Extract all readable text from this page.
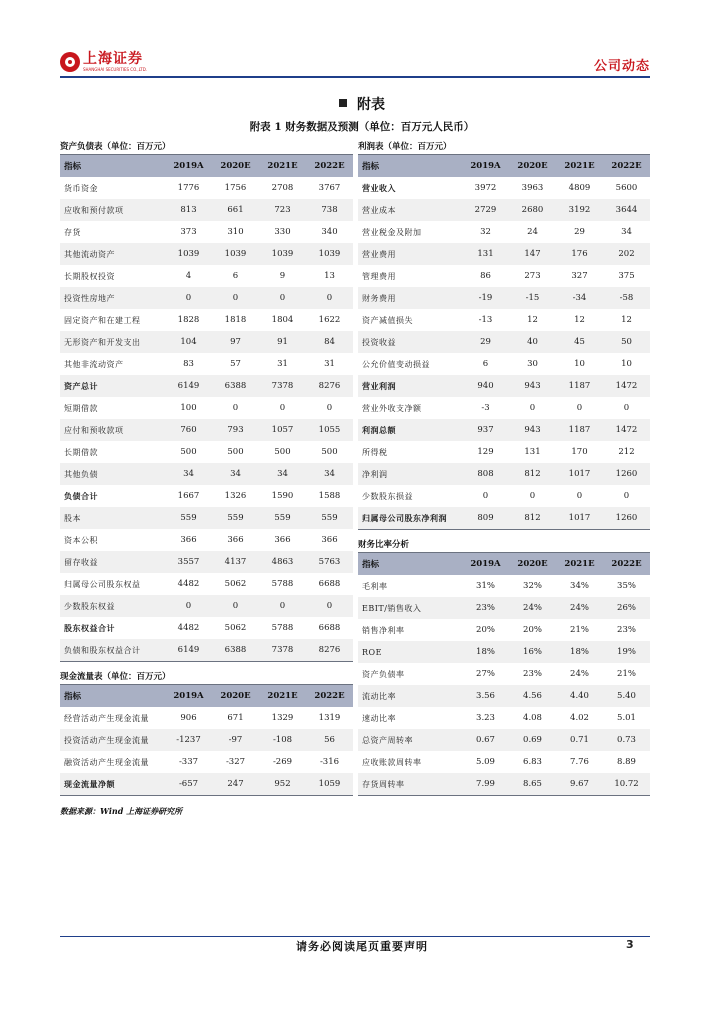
上海证券
SHANGHAI SECURITIES CO.,LTD.	公司动态
附表
附表 1 财务数据及预测（单位：百万元人民币）
资产负债表（单位：百万元）
指标	2019A	2020E	2021E	2022E
货币资金	1776	1756	2708	3767
应收和预付款项	813	661	723	738
存货	373	310	330	340
其他流动资产	1039	1039	1039	1039
长期股权投资	4	6	9	13
投资性房地产	0	0	0	0
固定资产和在建工程	1828	1818	1804	1622
无形资产和开发支出	104	97	91	84
其他非流动资产	83	57	31	31
资产总计	6149	6388	7378	8276
短期借款	100	0	0	0
应付和预收款项	760	793	1057	1055
长期借款	500	500	500	500
其他负债	34	34	34	34
负债合计	1667	1326	1590	1588
股本	559	559	559	559
资本公积	366	366	366	366
留存收益	3557	4137	4863	5763
归属母公司股东权益	4482	5062	5788	6688
少数股东权益	0	0	0	0
股东权益合计	4482	5062	5788	6688
负债和股东权益合计	6149	6388	7378	8276
现金流量表（单位：百万元）
指标	2019A	2020E	2021E	2022E
经营活动产生现金流量	906	671	1329	1319
投资活动产生现金流量	-1237	-97	-108	56
融资活动产生现金流量	-337	-327	-269	-316
现金流量净额	-657	247	952	1059
利润表（单位：百万元）
指标	2019A	2020E	2021E	2022E
营业收入	3972	3963	4809	5600
营业成本	2729	2680	3192	3644
营业税金及附加	32	24	29	34
营业费用	131	147	176	202
管理费用	86	273	327	375
财务费用	-19	-15	-34	-58
资产减值损失	-13	12	12	12
投资收益	29	40	45	50
公允价值变动损益	6	30	10	10
营业利润	940	943	1187	1472
营业外收支净额	-3	0	0	0
利润总额	937	943	1187	1472
所得税	129	131	170	212
净利润	808	812	1017	1260
少数股东损益	0	0	0	0
归属母公司股东净利润	809	812	1017	1260
财务比率分析
指标	2019A	2020E	2021E	2022E
毛利率	31%	32%	34%	35%
EBIT/销售收入	23%	24%	24%	26%
销售净利率	20%	20%	21%	23%
ROE	18%	16%	18%	19%
资产负债率	27%	23%	24%	21%
流动比率	3.56	4.56	4.40	5.40
速动比率	3.23	4.08	4.02	5.01
总资产周转率	0.67	0.69	0.71	0.73
应收账款周转率	5.09	6.83	7.76	8.89
存货周转率	7.99	8.65	9.67	10.72
数据来源：Wind 上海证券研究所
请务必阅读尾页重要声明	3
